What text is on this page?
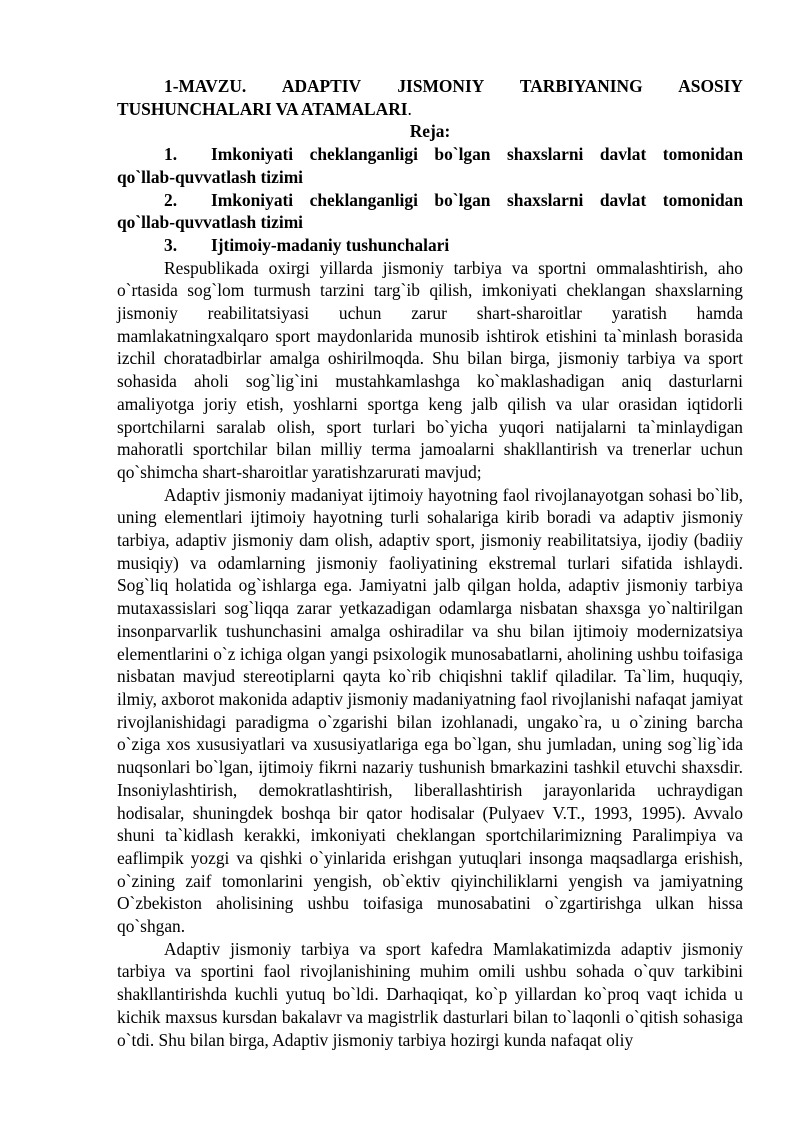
1-MAVZU. ADAPTIV JISMONIY TARBIYANING ASOSIY TUSHUNCHALARI VA ATAMALARI.

Reja:

1. Imkoniyati cheklanganligi bo`lgan shaxslarni davlat tomonidan qo`llab-quvvatlash tizimi

2. Imkoniyati cheklanganligi bo`lgan shaxslarni davlat tomonidan qo`llab-quvvatlash tizimi

3. Ijtimoiy-madaniy tushunchalari

Respublikada oxirgi yillarda jismoniy tarbiya va sportni ommalashtirish, aho o`rtasida sog`lom turmush tarzini targ`ib qilish, imkoniyati cheklangan shaxslarning jismoniy reabilitatsiyasi uchun zarur shart-sharoitlar yaratish hamda mamlakatningxalqaro sport maydonlarida munosib ishtirok etishini ta`minlash borasida izchil choratadbirlar amalga oshirilmoqda. Shu bilan birga, jismoniy tarbiya va sport sohasida aholi sog`lig`ini mustahkamlashga ko`maklashadigan aniq dasturlarni amaliyotga joriy etish, yoshlarni sportga keng jalb qilish va ular orasidan iqtidorli sportchilarni saralab olish, sport turlari bo`yicha yuqori natijalarni ta`minlaydigan mahoratli sportchilar bilan milliy terma jamoalarni shakllantirish va trenerlar uchun qo`shimcha shart-sharoitlar yaratishzarurati mavjud;

Adaptiv jismoniy madaniyat ijtimoiy hayotning faol rivojlanayotgan sohasi bo`lib, uning elementlari ijtimoiy hayotning turli sohalariga kirib boradi va adaptiv jismoniy tarbiya, adaptiv jismoniy dam olish, adaptiv sport, jismoniy reabilitatsiya, ijodiy (badiiy musiqiy) va odamlarning jismoniy faoliyatining ekstremal turlari sifatida ishlaydi. Sog`liq holatida og`ishlarga ega. Jamiyatni jalb qilgan holda, adaptiv jismoniy tarbiya mutaxassislari sog`liqqa zarar yetkazadigan odamlarga nisbatan shaxsga yo`naltirilgan insonparvarlik tushunchasini amalga oshiradilar va shu bilan ijtimoiy modernizatsiya elementlarini o`z ichiga olgan yangi psixologik munosabatlarni, aholining ushbu toifasiga nisbatan mavjud stereotiplarni qayta ko`rib chiqishni taklif qiladilar. Ta`lim, huquqiy, ilmiy, axborot makonida adaptiv jismoniy madaniyatning faol rivojlanishi nafaqat jamiyat rivojlanishidagi paradigma o`zgarishi bilan izohlanadi, ungako`ra, u o`zining barcha o`ziga xos xususiyatlari va xususiyatlariga ega bo`lgan, shu jumladan, uning sog`lig`ida nuqsonlari bo`lgan, ijtimoiy fikrni nazariy tushunish bmarkazini tashkil etuvchi shaxsdir. Insoniylashtirish, demokratlashtirish, liberallashtirish jarayonlarida uchraydigan hodisalar, shuningdek boshqa bir qator hodisalar (Pulyaev V.T., 1993, 1995). Avvalo shuni ta`kidlash kerakki, imkoniyati cheklangan sportchilarimizning Paralimpiya va eaflimpik yozgi va qishki o`yinlarida erishgan yutuqlari insonga maqsadlarga erishish, o`zining zaif tomonlarini yengish, ob`ektiv qiyinchiliklarni yengish va jamiyatning O`zbekiston aholisining ushbu toifasiga munosabatini o`zgartirishga ulkan hissa qo`shgan.

Adaptiv jismoniy tarbiya va sport kafedra Mamlakatimizda adaptiv jismoniy tarbiya va sportini faol rivojlanishining muhim omili ushbu sohada o`quv tarkibini shakllantirishda kuchli yutuq bo`ldi. Darhaqiqat, ko`p yillardan ko`proq vaqt ichida u kichik maxsus kursdan bakalavr va magistrlik dasturlari bilan to`laqonli o`qitish sohasiga o`tdi. Shu bilan birga, Adaptiv jismoniy tarbiya hozirgi kunda nafaqat oliy
